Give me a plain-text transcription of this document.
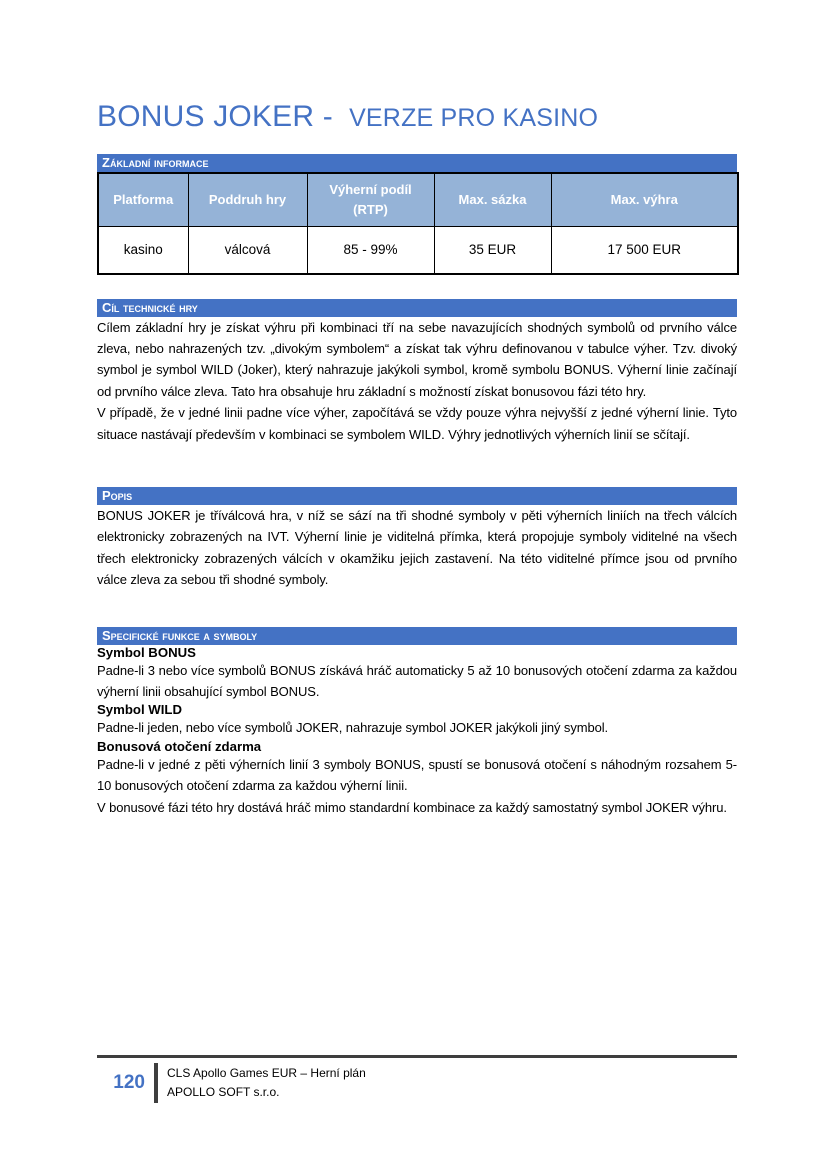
BONUS JOKER - VERZE PRO KASINO
Základní informace
Platforma	Poddruh hry	Výherní podíl (RTP)	Max. sázka	Max. výhra
kasino	válcová	85 - 99%	35 EUR	17 500 EUR
Cíl technické hry

Cílem základní hry je získat výhru při kombinaci tří na sebe navazujících shodných symbolů od prvního válce zleva, nebo nahrazených tzv. „divokým symbolem“ a získat tak výhru definovanou v tabulce výher. Tzv. divoký symbol je symbol WILD (Joker), který nahrazuje jakýkoli symbol, kromě symbolu BONUS. Výherní linie začínají od prvního válce zleva. Tato hra obsahuje hru základní s možností získat bonusovou fázi této hry.

V případě, že v jedné linii padne více výher, započítává se vždy pouze výhra nejvyšší z jedné výherní linie. Tyto situace nastávají především v kombinaci se symbolem WILD. Výhry jednotlivých výherních linií se sčítají.

Popis

BONUS JOKER je tříválcová hra, v níž se sází na tři shodné symboly v pěti výherních liniích na třech válcích elektronicky zobrazených na IVT. Výherní linie je viditelná přímka, která propojuje symboly viditelné na všech třech elektronicky zobrazených válcích v okamžiku jejich zastavení. Na této viditelné přímce jsou od prvního válce zleva za sebou tři shodné symboly.

Specifické funkce a symboly
Symbol BONUS

Padne-li 3 nebo více symbolů BONUS získává hráč automaticky 5 až 10 bonusových otočení zdarma za každou výherní linii obsahující symbol BONUS.

Symbol WILD

Padne-li jeden, nebo více symbolů JOKER, nahrazuje symbol JOKER jakýkoli jiný symbol.

Bonusová otočení zdarma

Padne-li v jedné z pěti výherních linií 3 symboly BONUS, spustí se bonusová otočení s náhodným rozsahem 5-10 bonusových otočení zdarma za každou výherní linii.

V bonusové fázi této hry dostává hráč mimo standardní kombinace za každý samostatný symbol JOKER výhru.

120	CLS Apollo Games EUR – Herní plán
APOLLO SOFT s.r.o.
